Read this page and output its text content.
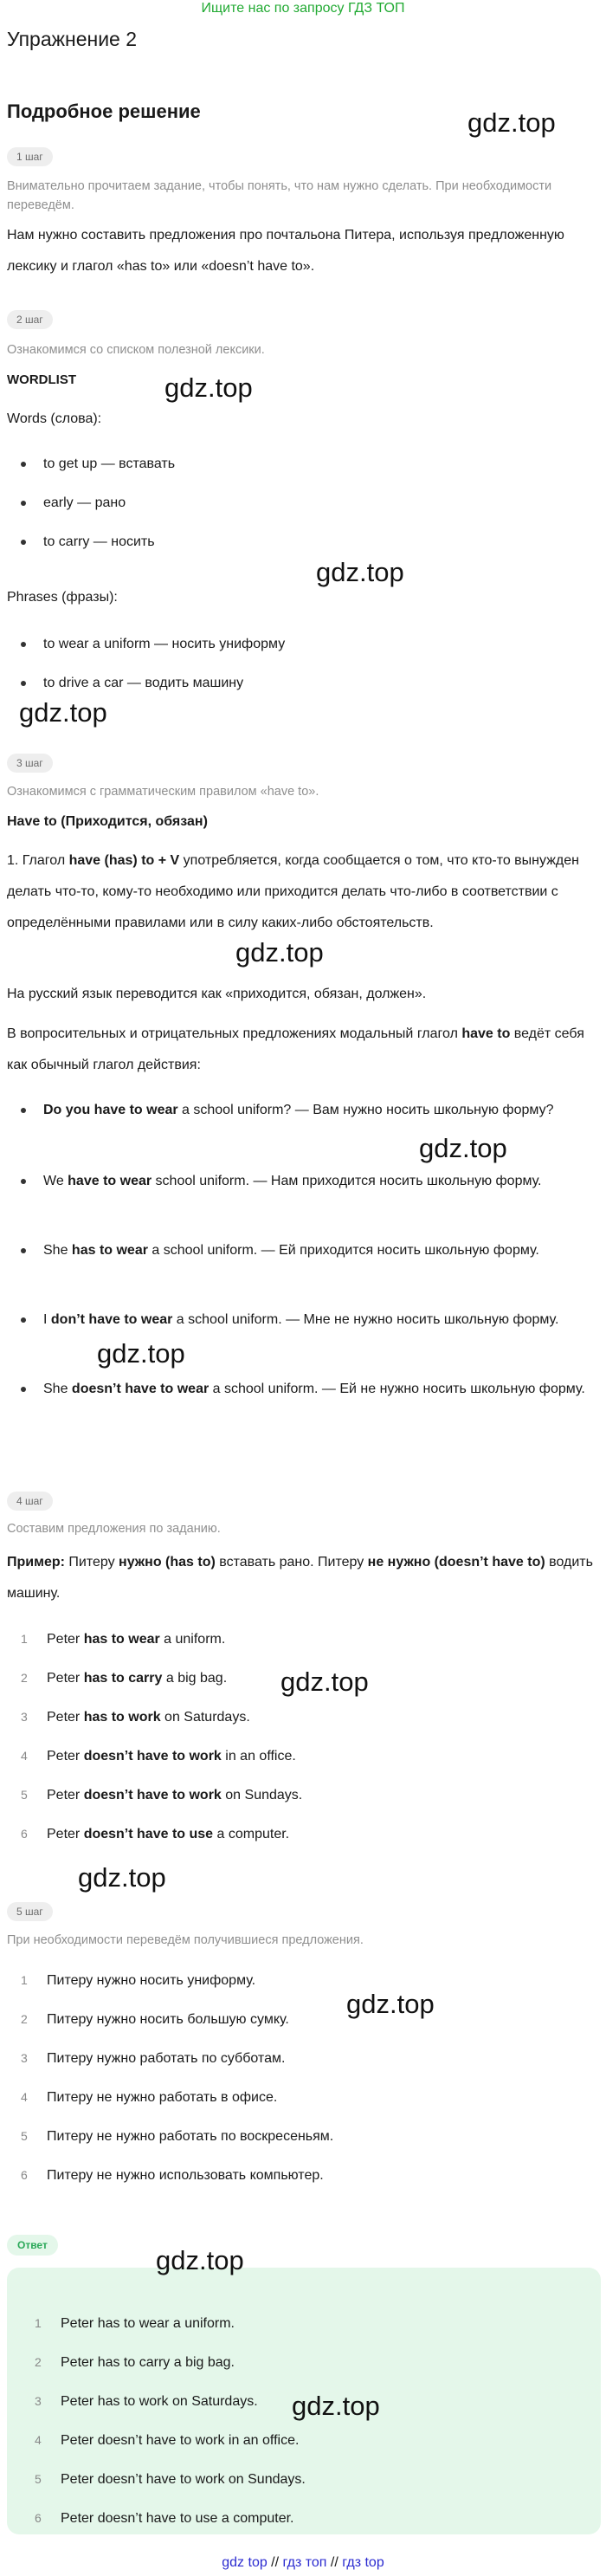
Ищите нас по запросу ГДЗ ТОП
Упражнение 2
Подробное решение	gdz.top
gdz.top
gdz.top
gdz.top
gdz.top
gdz.top
gdz.top
gdz.top
gdz.top
gdz.top
gdz.top
gdz.top
1 шаг
Внимательно прочитаем задание, чтобы понять, что нам нужно сделать. При необходимости переведём.
Нам нужно составить предложения про почтальона Питера, используя предложенную лексику и глагол «has to» или «doesn’t have to».
2 шаг
Ознакомимся со списком полезной лексики.
WORDLIST
Words (слова):
to get up — вставать
early — рано
to carry — носить
Phrases (фразы):
to wear a uniform — носить униформу
to drive a car — водить машину
3 шаг
Ознакомимся с грамматическим правилом «have to».
Have to (Приходится, обязан)
1. Глагол have (has) to + V употребляется, когда сообщается о том, что кто-то вынужден делать что-то, кому-то необходимо или приходится делать что-либо в соответствии с определёнными правилами или в силу каких-либо обстоятельств.
На русский язык переводится как «приходится, обязан, должен».
В вопросительных и отрицательных предложениях модальный глагол have to ведёт себя как обычный глагол действия:
Do you have to wear a school uniform? — Вам нужно носить школьную форму?
We have to wear school uniform. — Нам приходится носить школьную форму.
She has to wear a school uniform. — Ей приходится носить школьную форму.
I don’t have to wear a school uniform. — Мне не нужно носить школьную форму.
She doesn’t have to wear a school uniform. — Ей не нужно носить школьную форму.
4 шаг
Составим предложения по заданию.
Пример: Питеру нужно (has to) вставать рано. Питеру не нужно (doesn’t have to) водить машину.
1 Peter has to wear a uniform.
2 Peter has to carry a big bag.
3 Peter has to work on Saturdays.
4 Peter doesn’t have to work in an office.
5 Peter doesn’t have to work on Sundays.
6 Peter doesn’t have to use a computer.
5 шаг
При необходимости переведём получившиеся предложения.
1 Питеру нужно носить униформу.
2 Питеру нужно носить большую сумку.
3 Питеру нужно работать по субботам.
4 Питеру не нужно работать в офисе.
5 Питеру не нужно работать по воскресеньям.
6 Питеру не нужно использовать компьютер.
Ответ
1 Peter has to wear a uniform.
2 Peter has to carry a big bag.
3 Peter has to work on Saturdays.
4 Peter doesn’t have to work in an office.
5 Peter doesn’t have to work on Sundays.
6 Peter doesn’t have to use a computer.
gdz top // гдз топ // гдз top
